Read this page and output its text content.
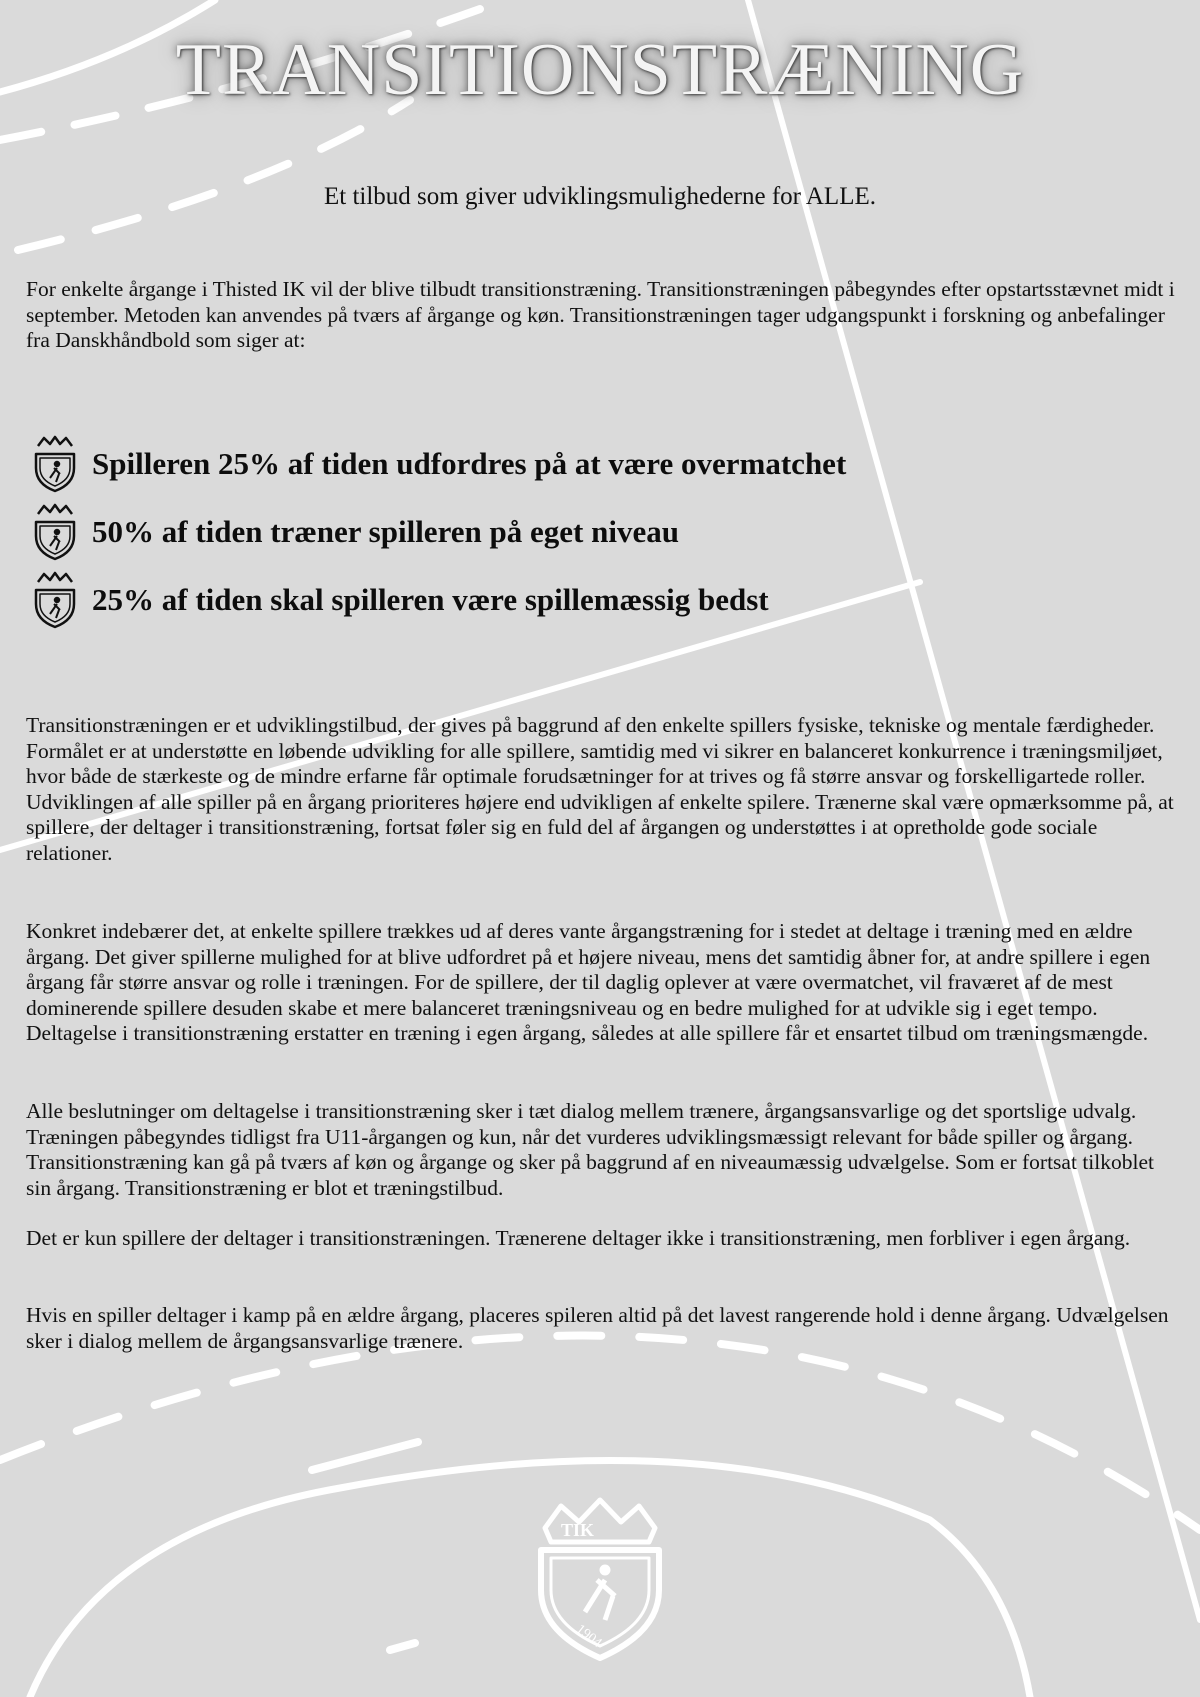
TRANSITIONSTRÆNING

Et tilbud som giver udviklingsmulighederne for ALLE.

For enkelte årgange i Thisted IK vil der blive tilbudt transitionstræning. Transitionstræningen påbegyndes efter opstartsstævnet midt i september. Metoden kan anvendes på tværs af årgange og køn. Transitionstræningen tager udgangspunkt i forskning og anbefalinger fra Danskhåndbold som siger at:

Spilleren 25% af tiden udfordres på at være overmatchet
50% af tiden træner spilleren på eget niveau
25% af tiden skal spilleren være spillemæssig bedst

Transitionstræningen er et udviklingstilbud, der gives på baggrund af den enkelte spillers fysiske, tekniske og mentale færdigheder. Formålet er at understøtte en løbende udvikling for alle spillere, samtidig med vi sikrer en balanceret konkurrence i træningsmiljøet, hvor både de stærkeste og de mindre erfarne får optimale forudsætninger for at trives og få større ansvar og forskelligartede roller. Udviklingen af alle spiller på en årgang prioriteres højere end udvikligen af enkelte spilere. Trænerne skal være opmærksomme på, at spillere, der deltager i transitionstræning, fortsat føler sig en fuld del af årgangen og understøttes i at opretholde gode sociale relationer.

Konkret indebærer det, at enkelte spillere trækkes ud af deres vante årgangstræning for i stedet at deltage i træning med en ældre årgang. Det giver spillerne mulighed for at blive udfordret på et højere niveau, mens det samtidig åbner for, at andre spillere i egen årgang får større ansvar og rolle i træningen. For de spillere, der til daglig oplever at være overmatchet, vil fraværet af de mest dominerende spillere desuden skabe et mere balanceret træningsniveau og en bedre mulighed for at udvikle sig i eget tempo. Deltagelse i transitionstræning erstatter en træning i egen årgang, således at alle spillere får et ensartet tilbud om træningsmængde.

Alle beslutninger om deltagelse i transitionstræning sker i tæt dialog mellem trænere, årgangsansvarlige og det sportslige udvalg. Træningen påbegyndes tidligst fra U11-årgangen og kun, når det vurderes udviklingsmæssigt relevant for både spiller og årgang. Transitionstræning kan gå på tværs af køn og årgange og sker på baggrund af en niveaumæssig udvælgelse. Som er fortsat tilkoblet sin årgang. Transitionstræning er blot et træningstilbud.

Det er kun spillere der deltager i transitionstræningen. Trænerene deltager ikke i transitionstræning, men forbliver i egen årgang.

Hvis en spiller deltager i kamp på en ældre årgang, placeres spileren altid på det lavest rangerende hold i denne årgang. Udvælgelsen sker i dialog mellem de årgangsansvarlige trænere.

TIK
1904
